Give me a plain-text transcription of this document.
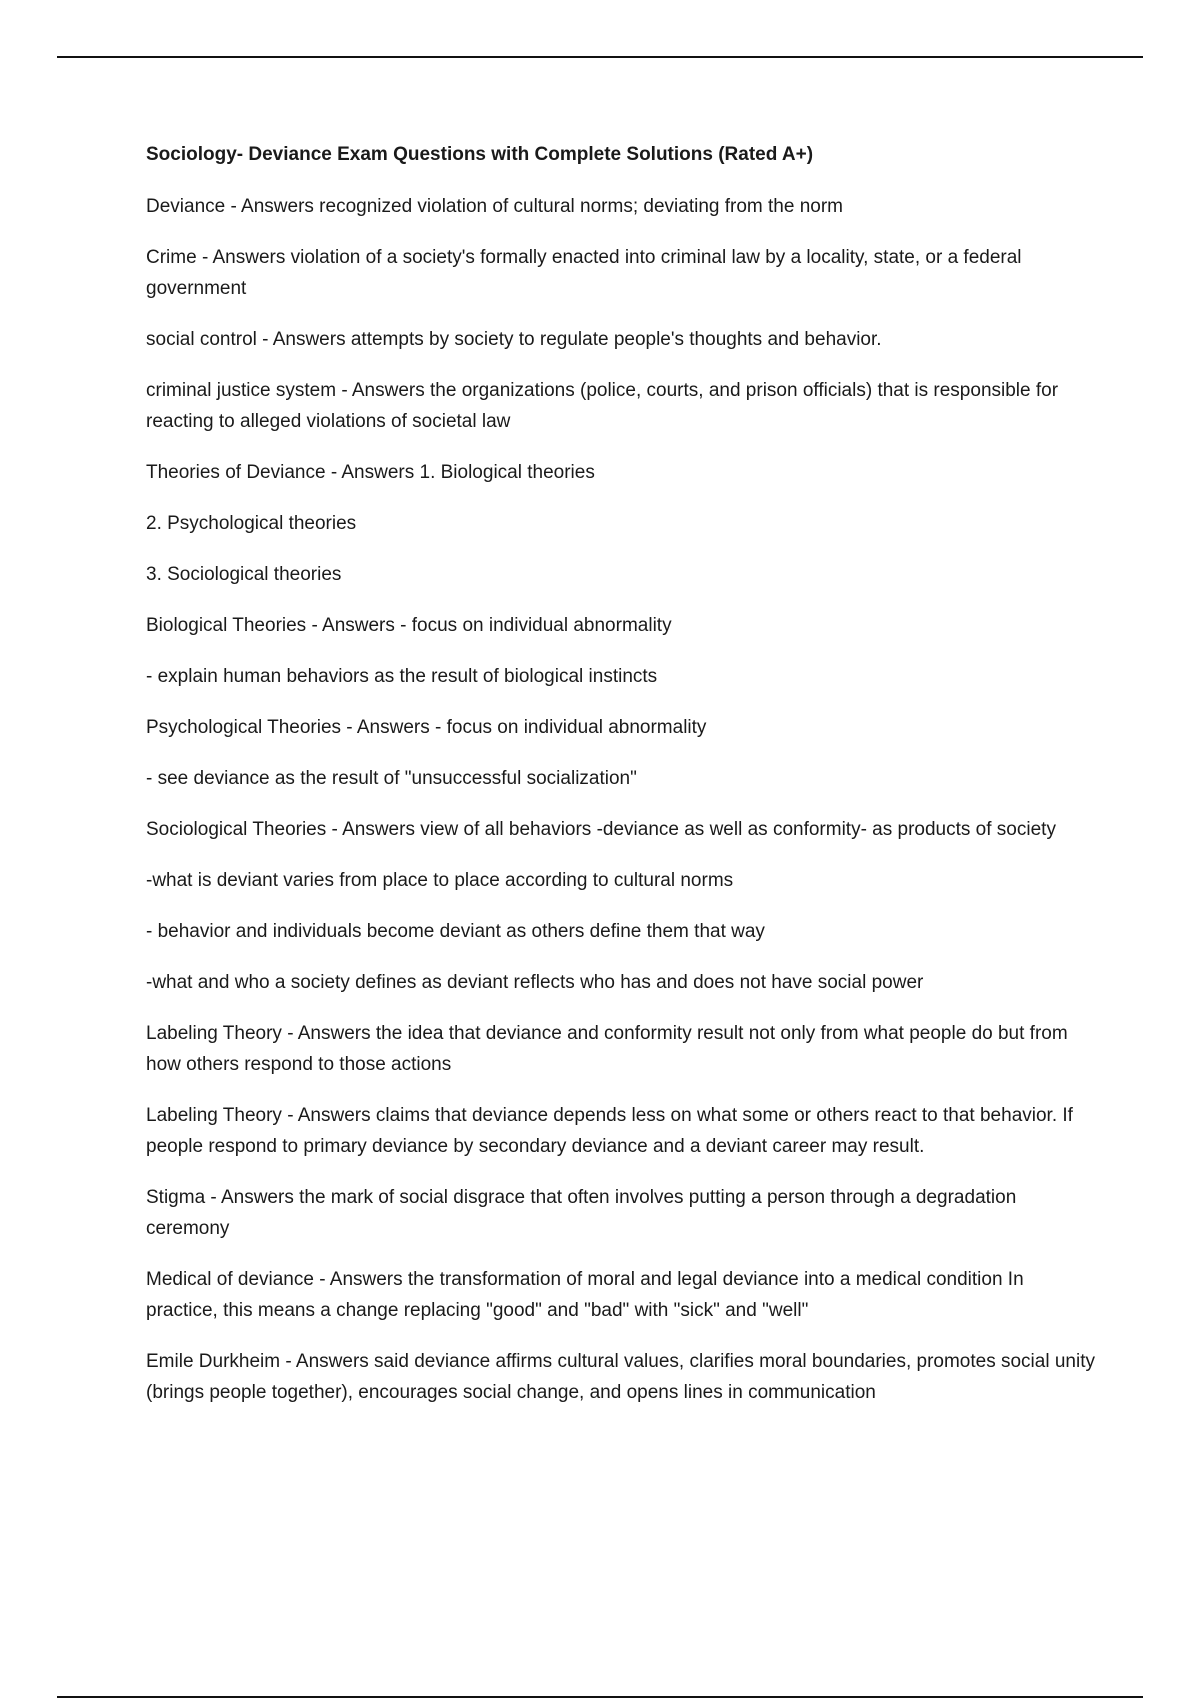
Sociology- Deviance Exam Questions with Complete Solutions (Rated A+)

Deviance - Answers recognized violation of cultural norms; deviating from the norm

Crime - Answers violation of a society's formally enacted into criminal law by a locality, state, or a federal government

social control - Answers attempts by society to regulate people's thoughts and behavior.

criminal justice system - Answers the organizations (police, courts, and prison officials) that is responsible for reacting to alleged violations of societal law

Theories of Deviance - Answers 1. Biological theories

2. Psychological theories

3. Sociological theories

Biological Theories - Answers - focus on individual abnormality

- explain human behaviors as the result of biological instincts

Psychological Theories - Answers - focus on individual abnormality

- see deviance as the result of "unsuccessful socialization"

Sociological Theories - Answers view of all behaviors -deviance as well as conformity- as products of society

-what is deviant varies from place to place according to cultural norms

- behavior and individuals become deviant as others define them that way

-what and who a society defines as deviant reflects who has and does not have social power

Labeling Theory - Answers the idea that deviance and conformity result not only from what people do but from how others respond to those actions

Labeling Theory - Answers claims that deviance depends less on what some or others react to that behavior. If people respond to primary deviance by secondary deviance and a deviant career may result.

Stigma - Answers the mark of social disgrace that often involves putting a person through a degradation ceremony

Medical of deviance - Answers the transformation of moral and legal deviance into a medical condition In practice, this means a change replacing "good" and "bad" with "sick" and "well"

Emile Durkheim - Answers said deviance affirms cultural values, clarifies moral boundaries, promotes social unity (brings people together), encourages social change, and opens lines in communication
